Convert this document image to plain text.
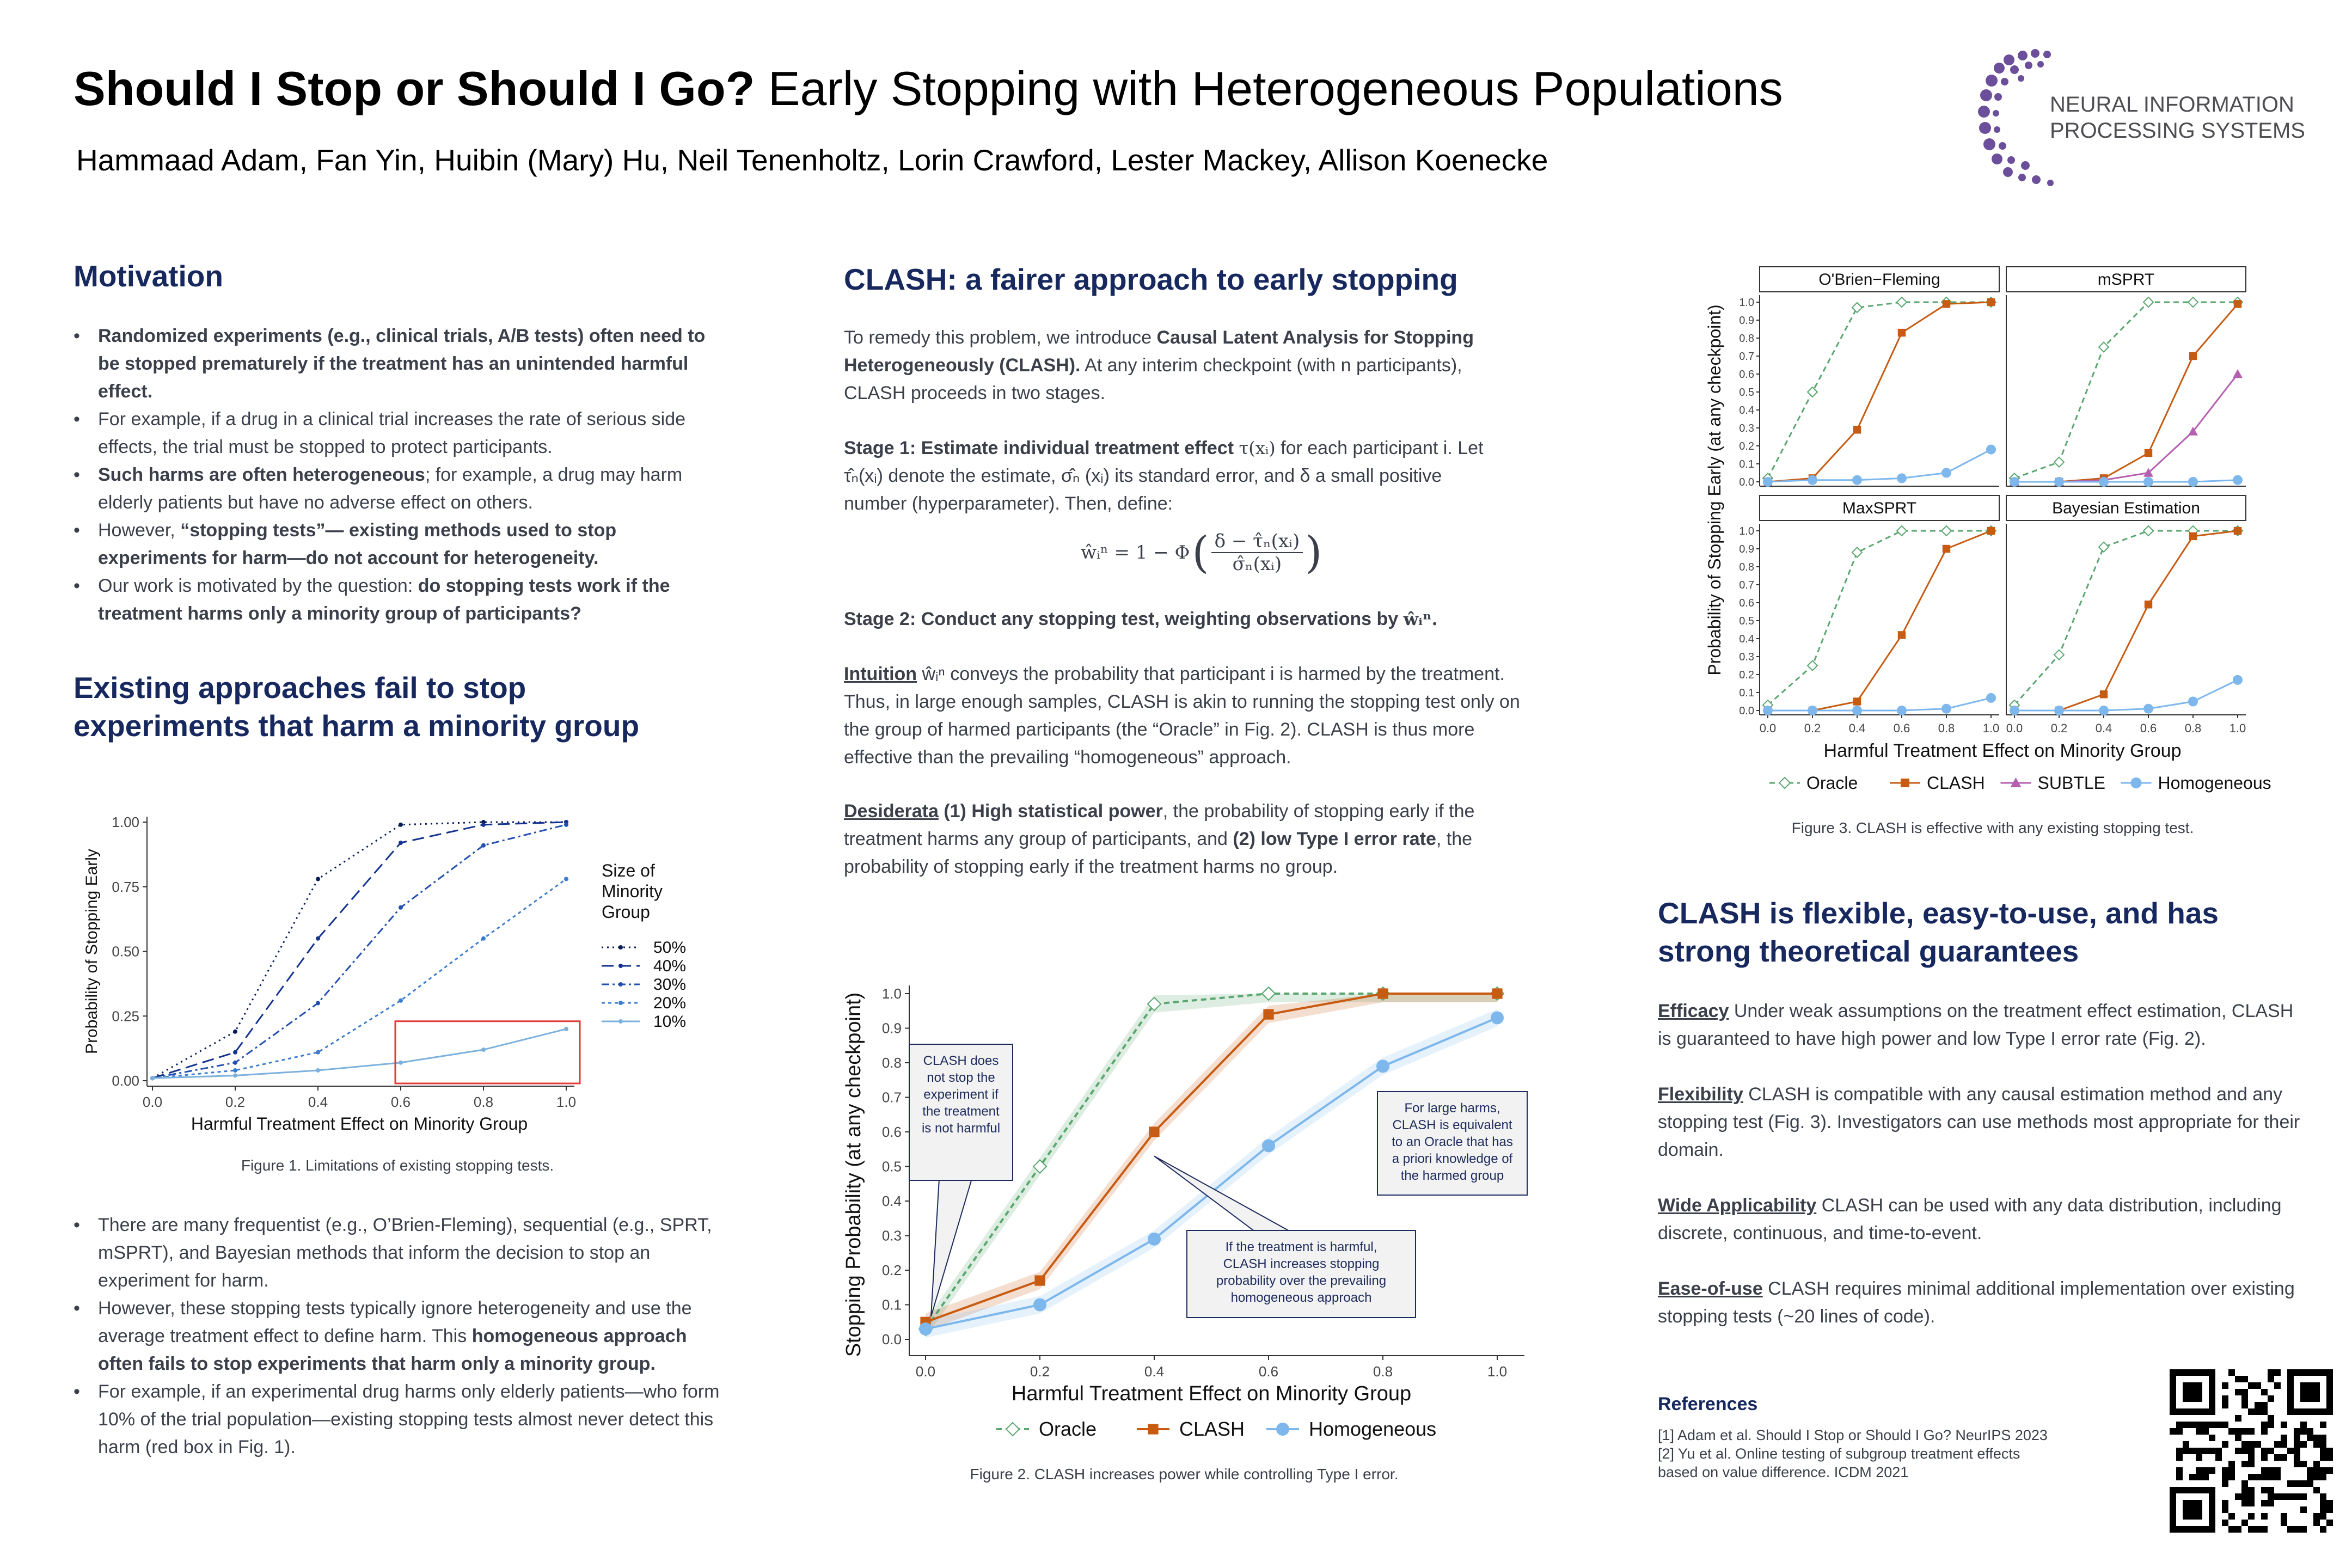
Should I Stop or Should I Go? Early Stopping with Heterogeneous Populations
Hammaad Adam, Fan Yin, Huibin (Mary) Hu, Neil Tenenholtz, Lorin Crawford, Lester Mackey, Allison Koenecke
NEURAL INFORMATION
PROCESSING SYSTEMS
Motivation
• Randomized experiments (e.g., clinical trials, A/B tests) often need to be stopped prematurely if the treatment has an unintended harmful effect.
• For example, if a drug in a clinical trial increases the rate of serious side effects, the trial must be stopped to protect participants.
• Such harms are often heterogeneous; for example, a drug may harm elderly patients but have no adverse effect on others.
• However, “stopping tests”— existing methods used to stop experiments for harm—do not account for heterogeneity.
• Our work is motivated by the question: do stopping tests work if the treatment harms only a minority group of participants?
Existing approaches fail to stop
experiments that harm a minority group
0.00
0.25
0.50
0.75
1.00
0.0	0.2	0.4	0.6	0.8	1.0
Harmful Treatment Effect on Minority Group
Probability of Stopping Early	Size of
Minority
Group
50%
40%
30%
20%
10%
Figure 1. Limitations of existing stopping tests.
• There are many frequentist (e.g., O’Brien-Fleming), sequential (e.g., SPRT, mSPRT), and Bayesian methods that inform the decision to stop an experiment for harm.
• However, these stopping tests typically ignore heterogeneity and use the average treatment effect to define harm. This homogeneous approach often fails to stop experiments that harm only a minority group.
• For example, if an experimental drug harms only elderly patients—who form 10% of the trial population—existing stopping tests almost never detect this harm (red box in Fig. 1).
CLASH: a fairer approach to early stopping

To remedy this problem, we introduce Causal Latent Analysis for Stopping Heterogeneously (CLASH). At any interim checkpoint (with n participants), CLASH proceeds in two stages.

Stage 1: Estimate individual treatment effect τ(xᵢ) for each participant i. Let

τ̂ₙ(xᵢ) denote the estimate, σ̂ₙ (xᵢ) its standard error, and δ a small positive

number (hyperparameter). Then, define:

ŵᵢⁿ = 1 − Φ ( $\frac{\text{δ − τ̂ₙ(xᵢ)}}{\text{σ̂ₙ(xᵢ)}}$ )

Stage 2: Conduct any stopping test, weighting observations by ŵᵢⁿ.

Intuition ŵᵢⁿ conveys the probability that participant i is harmed by the treatment. Thus, in large enough samples, CLASH is akin to running the stopping test only on the group of harmed participants (the “Oracle” in Fig. 2). CLASH is thus more effective than the prevailing “homogeneous” approach.

Desiderata (1) High statistical power, the probability of stopping early if the treatment harms any group of participants, and (2) low Type I error rate, the probability of stopping early if the treatment harms no group.

0.0
0.1
0.2
0.3
0.4
0.5
0.6
0.7
0.8
0.9
1.0
0.0	0.2	0.4	0.6	0.8	1.0
Harmful Treatment Effect on Minority Group
Stopping Probability (at any checkpoint)	CLASH does
not stop the
experiment if
the treatment
is not harmful
If the treatment is harmful,
CLASH increases stopping
probability over the prevailing
homogeneous approach
For large harms,
CLASH is equivalent
to an Oracle that has
a priori knowledge of
the harmed group
Oracle	CLASH	Homogeneous
Figure 2. CLASH increases power while controlling Type I error.
O'Brien−Fleming
0.0
0.1
0.2
0.3
0.4
0.5
0.6
0.7
0.8
0.9
1.0
mSPRT
MaxSPRT
0.0
0.1
0.2
0.3
0.4
0.5
0.6
0.7
0.8
0.9
1.0
0.0 0.2 0.4 0.6 0.8 1.0
Bayesian Estimation
0.0 0.2 0.4 0.6 0.8 1.0
Harmful Treatment Effect on Minority Group
Probability of Stopping Early (at any checkpoint)
Oracle	CLASH	SUBTLE	Homogeneous
Figure 3. CLASH is effective with any existing stopping test.
CLASH is flexible, easy-to-use, and has
strong theoretical guarantees

Efficacy Under weak assumptions on the treatment effect estimation, CLASH is guaranteed to have high power and low Type I error rate (Fig. 2).

Flexibility CLASH is compatible with any causal estimation method and any stopping test (Fig. 3). Investigators can use methods most appropriate for their domain.

Wide Applicability CLASH can be used with any data distribution, including discrete, continuous, and time-to-event.

Ease-of-use CLASH requires minimal additional implementation over existing stopping tests (~20 lines of code).

References
[1] Adam et al. Should I Stop or Should I Go? NeurIPS 2023
[2] Yu et al. Online testing of subgroup treatment effects
based on value difference. ICDM 2021
